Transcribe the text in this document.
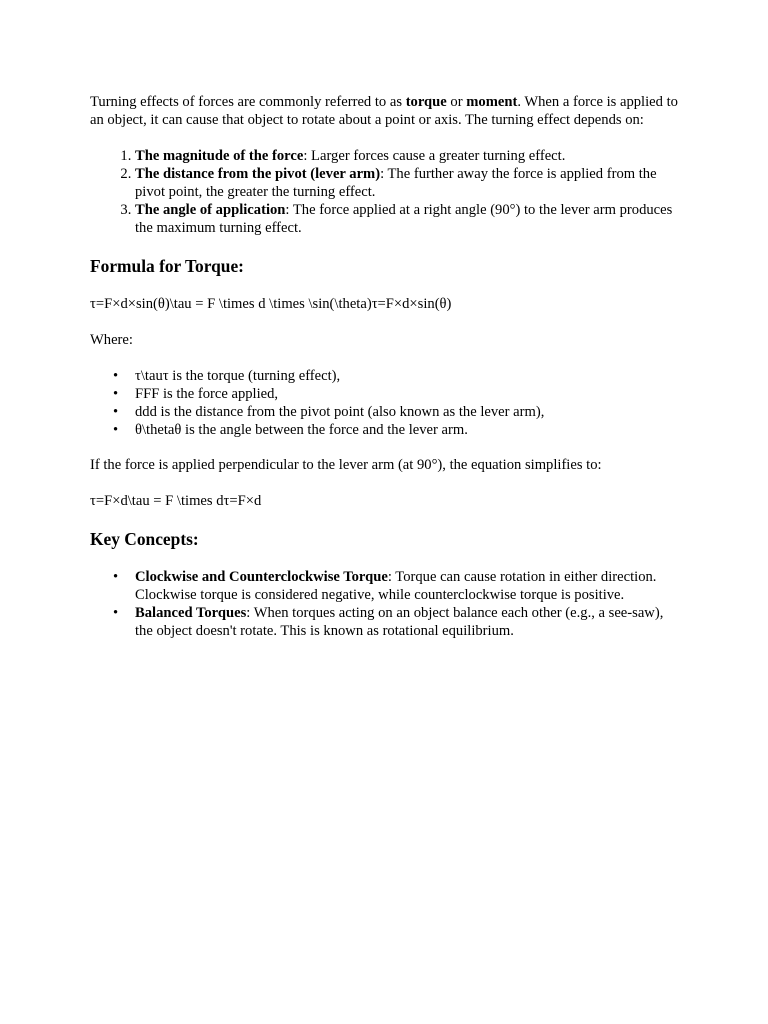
Turning effects of forces are commonly referred to as torque or moment. When a force is applied to an object, it can cause that object to rotate about a point or axis. The turning effect depends on:

1. The magnitude of the force: Larger forces cause a greater turning effect.
2. The distance from the pivot (lever arm): The further away the force is applied from the pivot point, the greater the turning effect.
3. The angle of application: The force applied at a right angle (90°) to the lever arm produces the maximum turning effect.
Formula for Torque:

τ=F×d×sin(θ)\tau = F \times d \times \sin(\theta)τ=F×d×sin(θ)

Where:

• τ\tauτ is the torque (turning effect),
• FFF is the force applied,
• ddd is the distance from the pivot point (also known as the lever arm),
• θ\thetaθ is the angle between the force and the lever arm.

If the force is applied perpendicular to the lever arm (at 90°), the equation simplifies to:

τ=F×d\tau = F \times dτ=F×d

Key Concepts:
• Clockwise and Counterclockwise Torque: Torque can cause rotation in either direction. Clockwise torque is considered negative, while counterclockwise torque is positive.
• Balanced Torques: When torques acting on an object balance each other (e.g., a see-saw), the object doesn't rotate. This is known as rotational equilibrium.
